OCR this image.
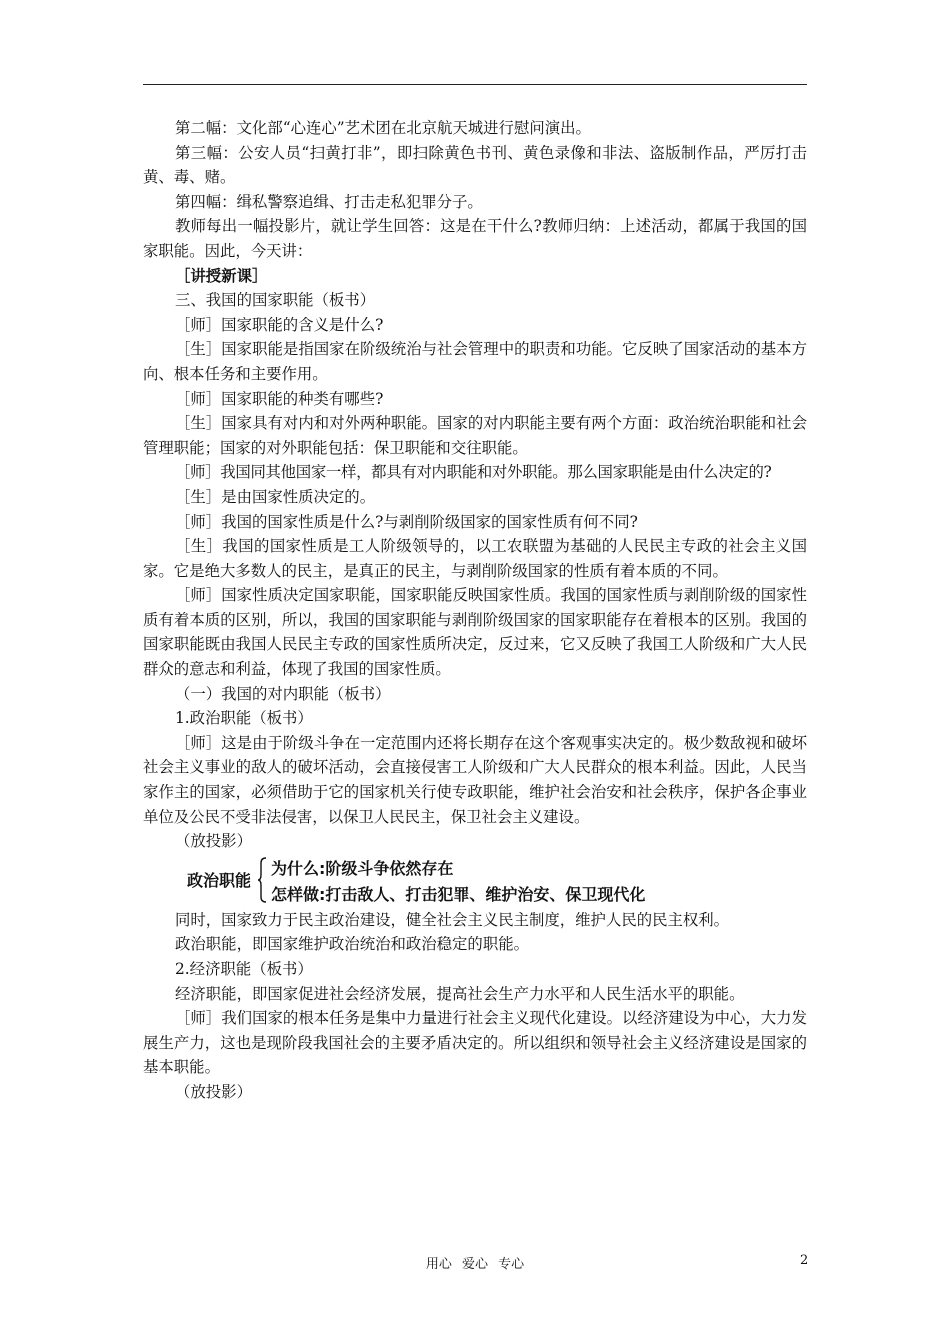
第二幅：文化部“心连心”艺术团在北京航天城进行慰问演出。

第三幅：公安人员“扫黄打非”，即扫除黄色书刊、黄色录像和非法、盗版制作品，严厉打击黄、毒、赌。

第四幅：缉私警察追缉、打击走私犯罪分子。

教师每出一幅投影片，就让学生回答：这是在干什么?教师归纳：上述活动，都属于我国的国家职能。因此，今天讲：

［讲授新课］

三、我国的国家职能（板书）

［师］国家职能的含义是什么?

［生］国家职能是指国家在阶级统治与社会管理中的职责和功能。它反映了国家活动的基本方向、根本任务和主要作用。

［师］国家职能的种类有哪些?

［生］国家具有对内和对外两种职能。国家的对内职能主要有两个方面：政治统治职能和社会管理职能；国家的对外职能包括：保卫职能和交往职能。

［师］我国同其他国家一样，都具有对内职能和对外职能。那么国家职能是由什么决定的?

［生］是由国家性质决定的。

［师］我国的国家性质是什么?与剥削阶级国家的国家性质有何不同?

［生］我国的国家性质是工人阶级领导的，以工农联盟为基础的人民民主专政的社会主义国家。它是绝大多数人的民主，是真正的民主，与剥削阶级国家的性质有着本质的不同。

［师］国家性质决定国家职能，国家职能反映国家性质。我国的国家性质与剥削阶级的国家性质有着本质的区别，所以，我国的国家职能与剥削阶级国家的国家职能存在着根本的区别。我国的国家职能既由我国人民民主专政的国家性质所决定，反过来，它又反映了我国工人阶级和广大人民群众的意志和利益，体现了我国的国家性质。

（一）我国的对内职能（板书）

1.政治职能（板书）

［师］这是由于阶级斗争在一定范围内还将长期存在这个客观事实决定的。极少数敌视和破坏社会主义事业的敌人的破坏活动，会直接侵害工人阶级和广大人民群众的根本利益。因此，人民当家作主的国家，必须借助于它的国家机关行使专政职能，维护社会治安和社会秩序，保护各企事业单位及公民不受非法侵害，以保卫人民民主，保卫社会主义建设。

（放投影）

政治职能
为什么:阶级斗争依然存在
怎样做:打击敌人、打击犯罪、维护治安、保卫现代化

同时，国家致力于民主政治建设，健全社会主义民主制度，维护人民的民主权利。

政治职能，即国家维护政治统治和政治稳定的职能。

2.经济职能（板书）

经济职能，即国家促进社会经济发展，提高社会生产力水平和人民生活水平的职能。

［师］我们国家的根本任务是集中力量进行社会主义现代化建设。以经济建设为中心，大力发展生产力，这也是现阶段我国社会的主要矛盾决定的。所以组织和领导社会主义经济建设是国家的基本职能。

（放投影）

用心 爱心 专心	2
